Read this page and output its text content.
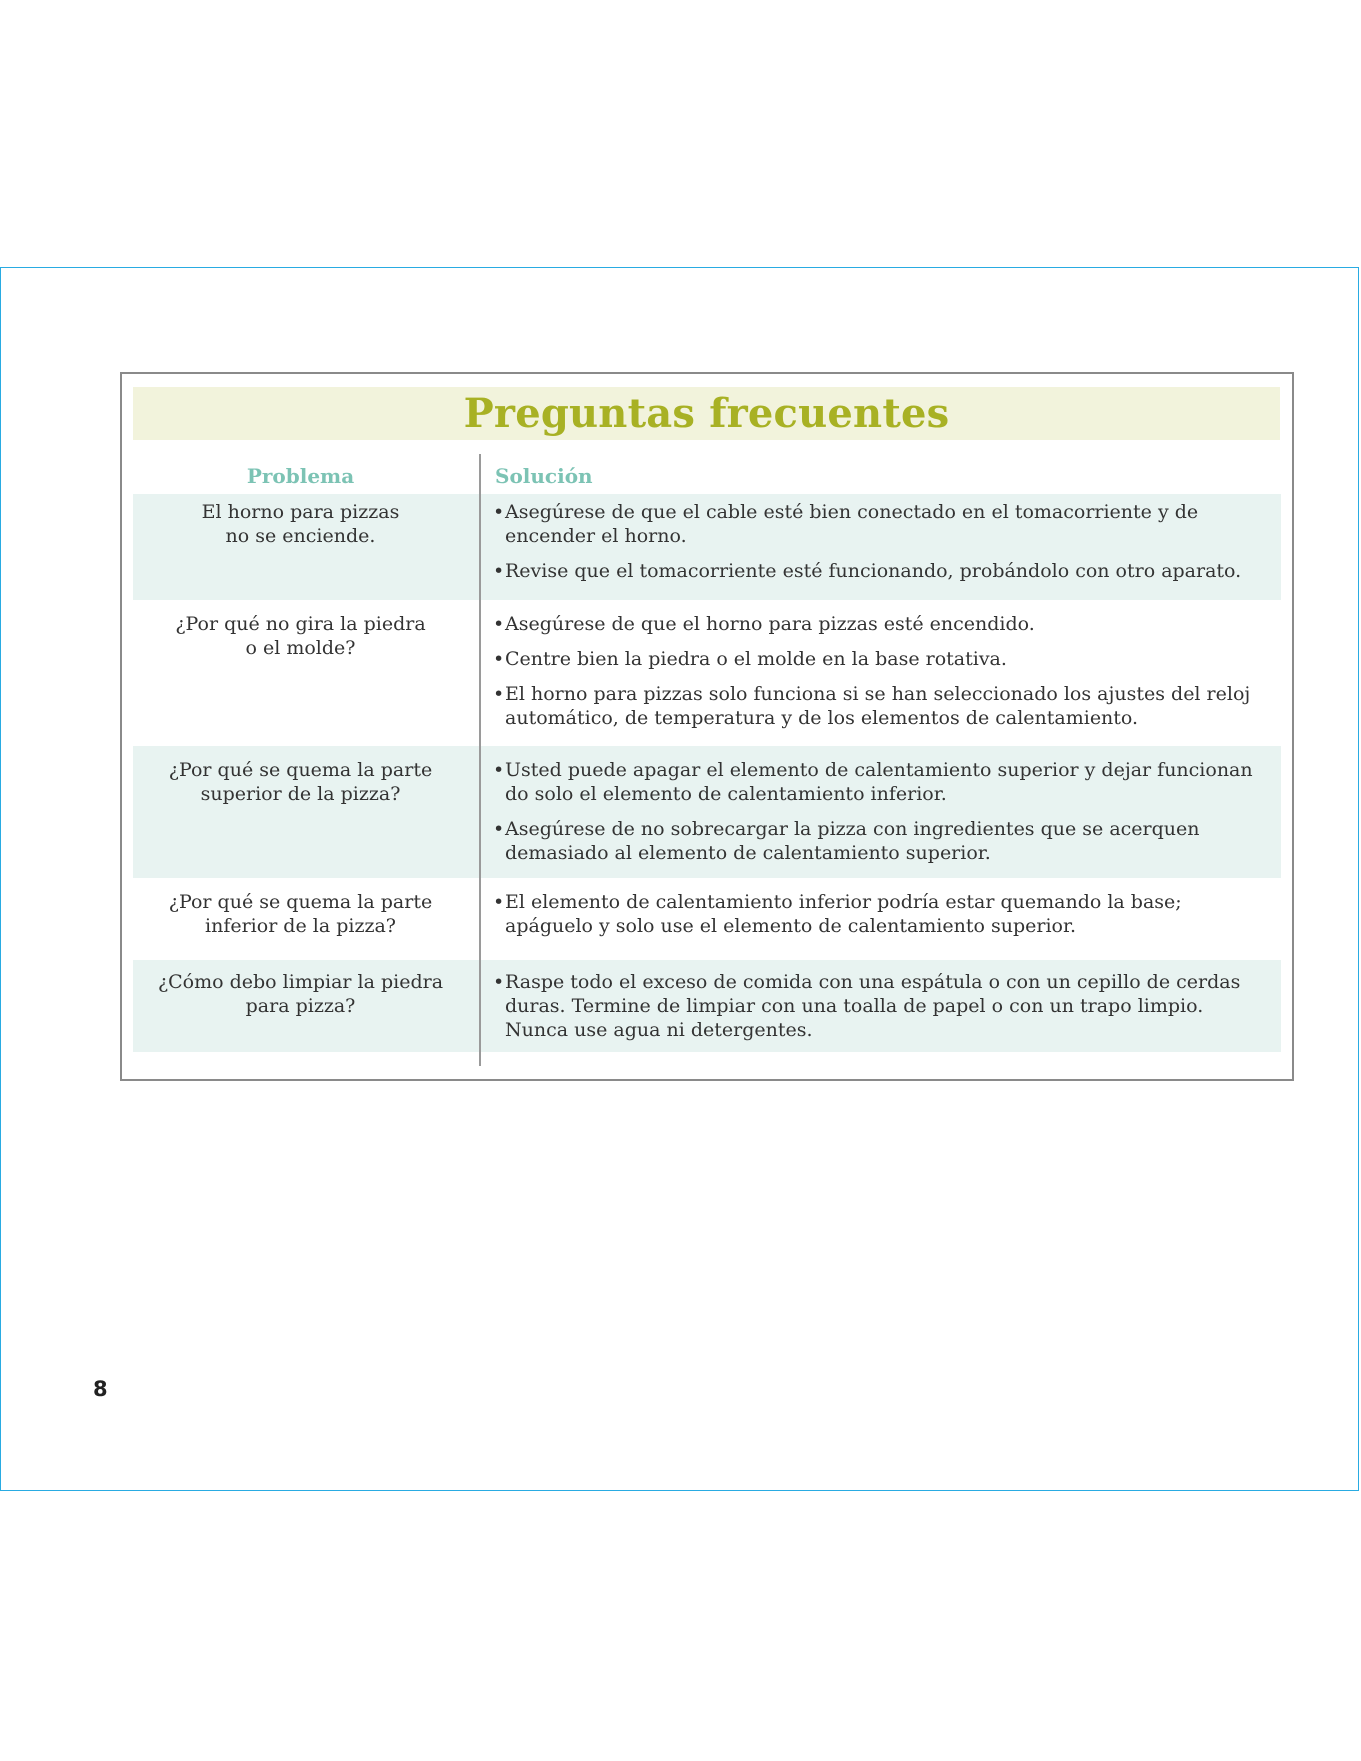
Preguntas frecuentes
Problema	Solución
El horno para pizzas
no se enciende.
• Asegúrese de que el cable esté bien conectado en el tomacorriente y de
encender el horno.
• Revise que el tomacorriente esté funcionando, probándolo con otro aparato.
¿Por qué no gira la piedra
o el molde?
• Asegúrese de que el horno para pizzas esté encendido.
• Centre bien la piedra o el molde en la base rotativa.
• El horno para pizzas solo funciona si se han seleccionado los ajustes del reloj
automático, de temperatura y de los elementos de calentamiento.
¿Por qué se quema la parte
superior de la pizza?
• Usted puede apagar el elemento de calentamiento superior y dejar funcionan
do solo el elemento de calentamiento inferior.
• Asegúrese de no sobrecargar la pizza con ingredientes que se acerquen
demasiado al elemento de calentamiento superior.
¿Por qué se quema la parte
inferior de la pizza?
• El elemento de calentamiento inferior podría estar quemando la base;
apáguelo y solo use el elemento de calentamiento superior.
¿Cómo debo limpiar la piedra
para pizza?
• Raspe todo el exceso de comida con una espátula o con un cepillo de cerdas
duras. Termine de limpiar con una toalla de papel o con un trapo limpio.
Nunca use agua ni detergentes.
8
